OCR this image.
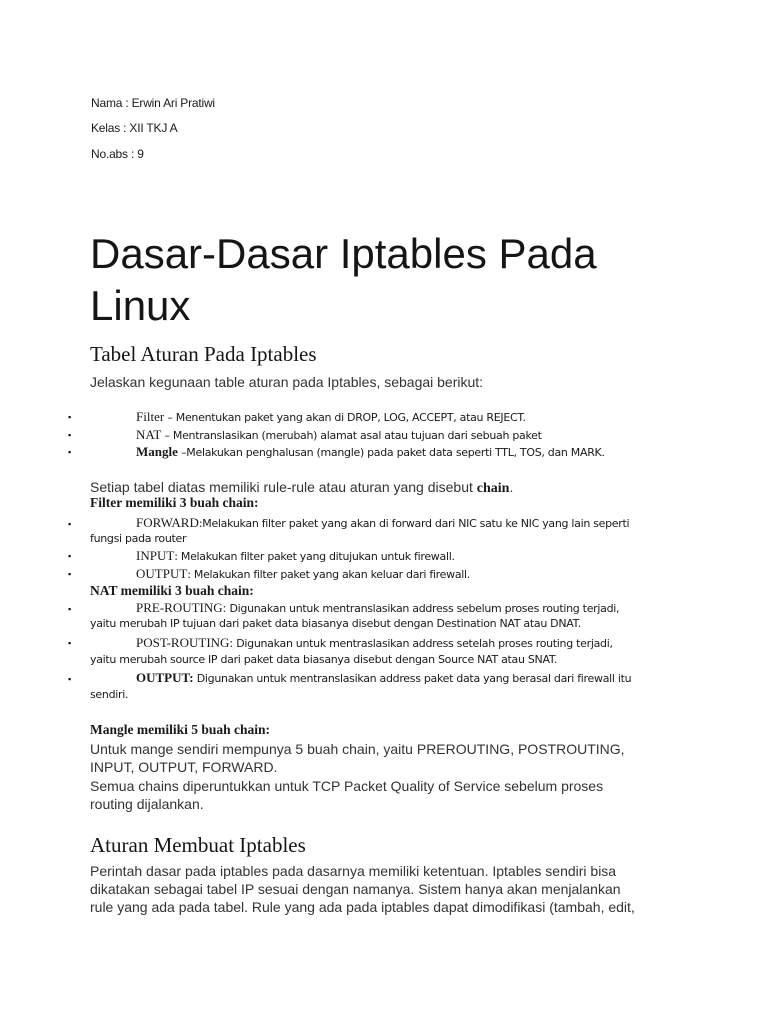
Nama : Erwin Ari Pratiwi
Kelas : XII TKJ A
No.abs : 9
Dasar-Dasar Iptables Pada
Linux
Tabel Aturan Pada Iptables

Jelaskan kegunaan table aturan pada Iptables, sebagai berikut:

▪	Filter – Menentukan paket yang akan di DROP, LOG, ACCEPT, atau REJECT.
▪	NAT – Mentranslasikan (merubah) alamat asal atau tujuan dari sebuah paket
▪	Mangle –Melakukan penghalusan (mangle) pada paket data seperti TTL, TOS, dan MARK.

Setiap tabel diatas memiliki rule-rule atau aturan yang disebut chain.

Filter memiliki 3 buah chain:
▪	FORWARD:Melakukan filter paket yang akan di forward dari NIC satu ke NIC yang lain seperti
fungsi pada router
▪	INPUT: Melakukan filter paket yang ditujukan untuk firewall.
▪	OUTPUT: Melakukan filter paket yang akan keluar dari firewall.
NAT memiliki 3 buah chain:
▪	PRE-ROUTING: Digunakan untuk mentranslasikan address sebelum proses routing terjadi,
yaitu merubah IP tujuan dari paket data biasanya disebut dengan Destination NAT atau DNAT.
▪	POST-ROUTING: Digunakan untuk mentraslasikan address setelah proses routing terjadi,
yaitu merubah source IP dari paket data biasanya disebut dengan Source NAT atau SNAT.
▪	OUTPUT: Digunakan untuk mentranslasikan address paket data yang berasal dari firewall itu
sendiri.
Mangle memiliki 5 buah chain:

Untuk mange sendiri mempunya 5 buah chain, yaitu PREROUTING, POSTROUTING,

INPUT, OUTPUT, FORWARD.

Semua chains diperuntukkan untuk TCP Packet Quality of Service sebelum proses

routing dijalankan.

Aturan Membuat Iptables

Perintah dasar pada iptables pada dasarnya memiliki ketentuan. Iptables sendiri bisa

dikatakan sebagai tabel IP sesuai dengan namanya. Sistem hanya akan menjalankan

rule yang ada pada tabel. Rule yang ada pada iptables dapat dimodifikasi (tambah, edit,
